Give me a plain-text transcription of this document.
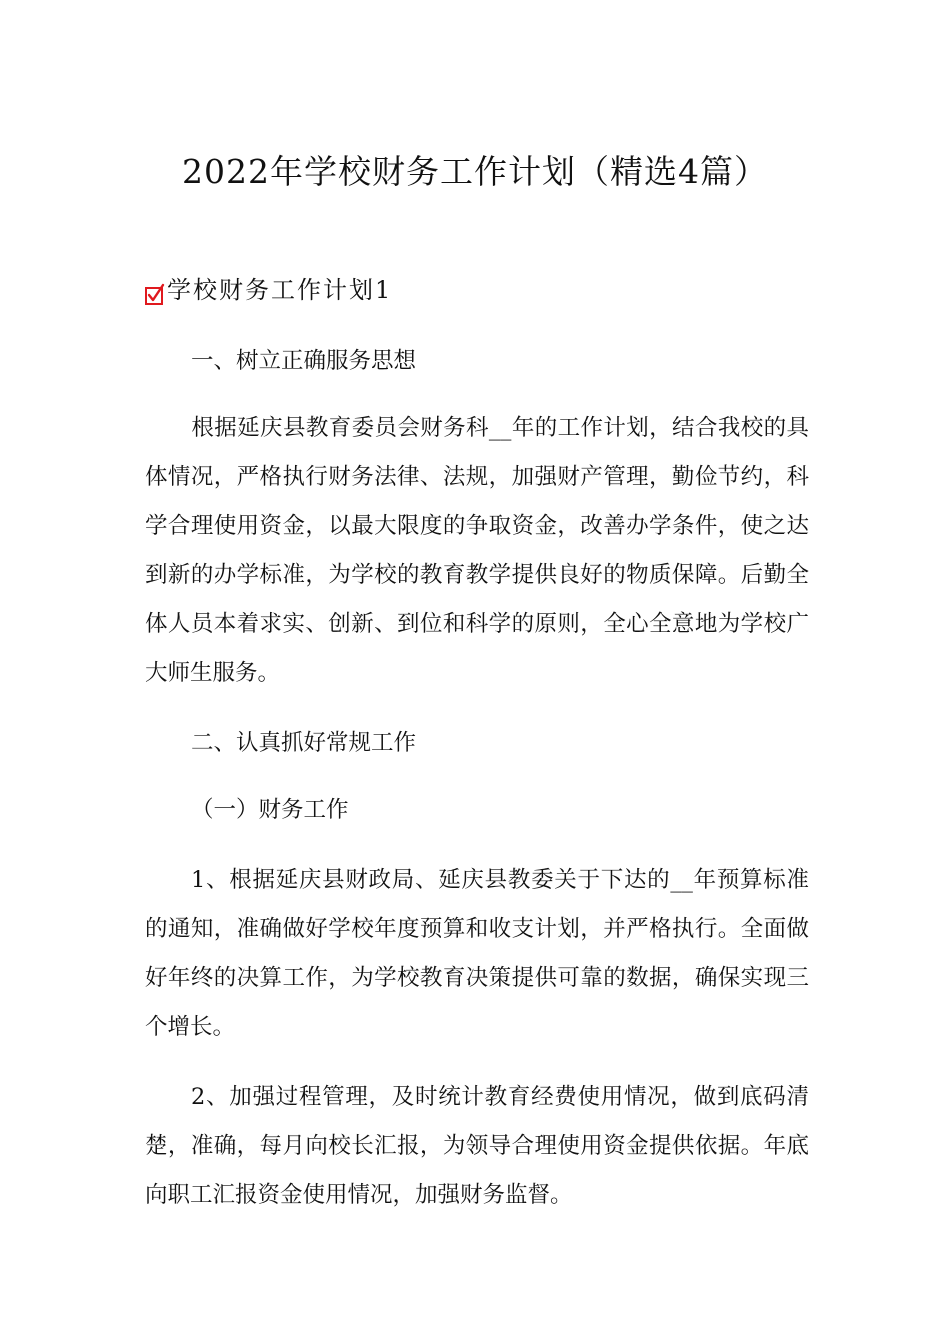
2022年学校财务工作计划（精选4篇）
学校财务工作计划1

一、树立正确服务思想

根据延庆县教育委员会财务科__年的工作计划，结合我校的具体情况，严格执行财务法律、法规，加强财产管理，勤俭节约，科学合理使用资金，以最大限度的争取资金，改善办学条件，使之达到新的办学标准，为学校的教育教学提供良好的物质保障。后勤全体人员本着求实、创新、到位和科学的原则，全心全意地为学校广大师生服务。

二、认真抓好常规工作

（一）财务工作

1、根据延庆县财政局、延庆县教委关于下达的__年预算标准的通知，准确做好学校年度预算和收支计划，并严格执行。全面做好年终的决算工作，为学校教育决策提供可靠的数据，确保实现三个增长。

2、加强过程管理，及时统计教育经费使用情况，做到底码清楚，准确，每月向校长汇报，为领导合理使用资金提供依据。年底向职工汇报资金使用情况，加强财务监督。
